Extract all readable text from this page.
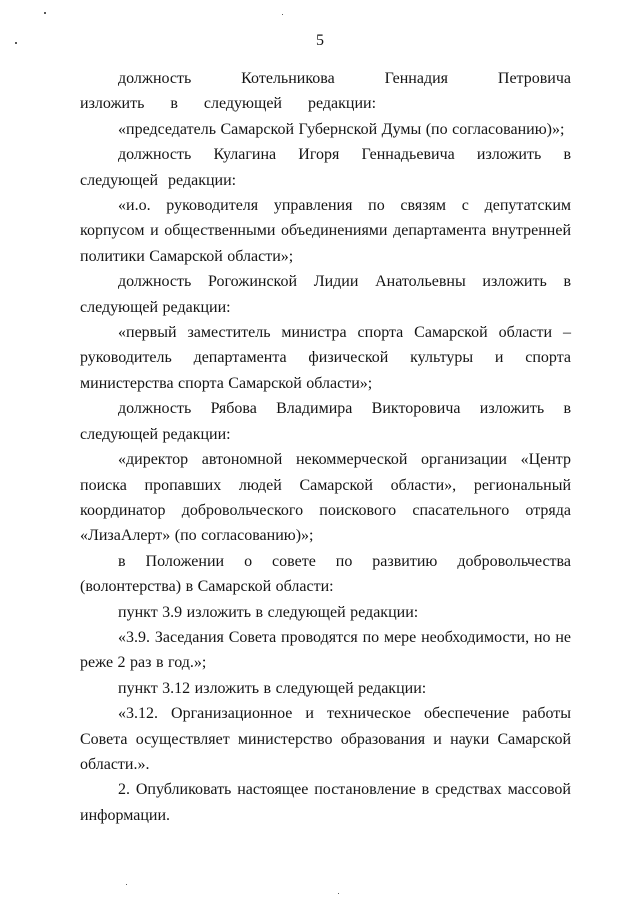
5

должность Котельникова Геннадия Петровича изложить в следующей редакции:

«председатель Самарской Губернской Думы (по согласованию)»;

должность Кулагина Игоря Геннадьевича изложить в следующей редакции:

«и.о. руководителя управления по связям с депутатским корпусом и общественными объединениями департамента внутренней политики Самарской области»;

должность Рогожинской Лидии Анатольевны изложить в следующей редакции:

«первый заместитель министра спорта Самарской области – руководитель департамента физической культуры и спорта министерства спорта Самарской области»;

должность Рябова Владимира Викторовича изложить в следующей редакции:

«директор автономной некоммерческой организации «Центр поиска пропавших людей Самарской области», региональный координатор добровольческого поискового спасательного отряда «ЛизаАлерт» (по согласованию)»;

в Положении о совете по развитию добровольчества (волонтерства) в Самарской области:

пункт 3.9 изложить в следующей редакции:

«3.9. Заседания Совета проводятся по мере необходимости, но не реже 2 раз в год.»;

пункт 3.12 изложить в следующей редакции:

«3.12. Организационное и техническое обеспечение работы Совета осуществляет министерство образования и науки Самарской области.».

2. Опубликовать настоящее постановление в средствах массовой информации.
